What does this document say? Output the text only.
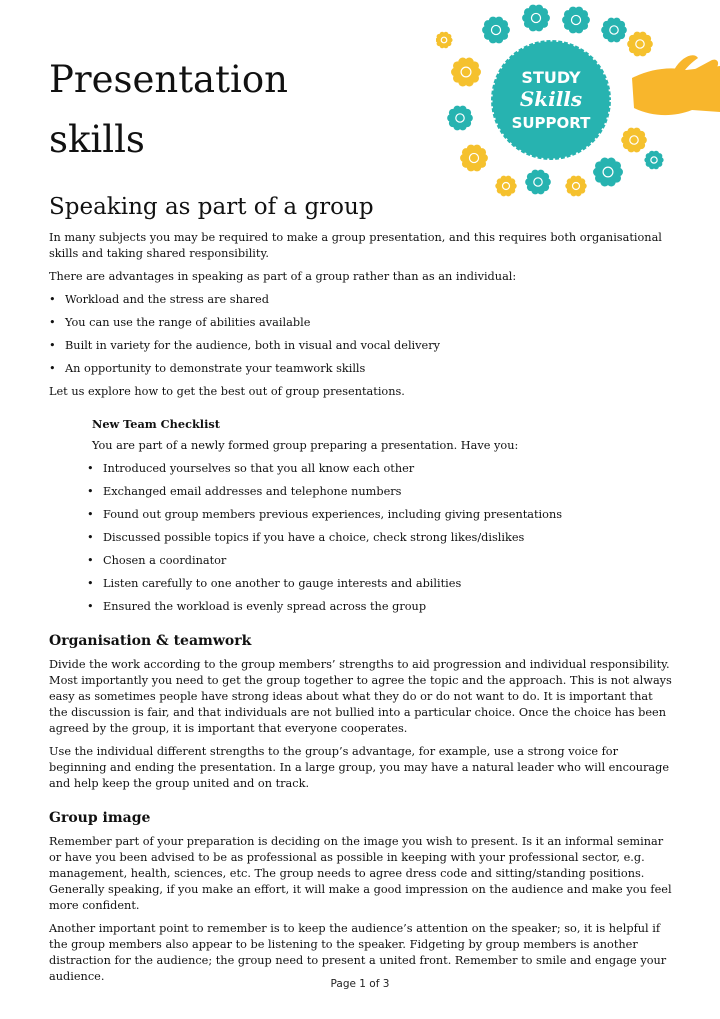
Presentation
skills
STUDY
Skills
SUPPORT
Speaking as part of a group

In many subjects you may be required to make a group presentation, and this requires both organisational skills and taking shared responsibility.

There are advantages in speaking as part of a group rather than as an individual:

• Workload and the stress are shared
• You can use the range of abilities available
• Built in variety for the audience, both in visual and vocal delivery
• An opportunity to demonstrate your teamwork skills

Let us explore how to get the best out of group presentations.

New Team Checklist

You are part of a newly formed group preparing a presentation. Have you:

• Introduced yourselves so that you all know each other
• Exchanged email addresses and telephone numbers
• Found out group members previous experiences, including giving presentations
• Discussed possible topics if you have a choice, check strong likes/dislikes
• Chosen a coordinator
• Listen carefully to one another to gauge interests and abilities
• Ensured the workload is evenly spread across the group
Organisation & teamwork

Divide the work according to the group members’ strengths to aid progression and individual responsibility. Most importantly you need to get the group together to agree the topic and the approach. This is not always easy as sometimes people have strong ideas about what they do or do not want to do. It is important that the discussion is fair, and that individuals are not bullied into a particular choice. Once the choice has been agreed by the group, it is important that everyone cooperates.

Use the individual different strengths to the group’s advantage, for example, use a strong voice for beginning and ending the presentation. In a large group, you may have a natural leader who will encourage and help keep the group united and on track.

Group image

Remember part of your preparation is deciding on the image you wish to present. Is it an informal seminar or have you been advised to be as professional as possible in keeping with your professional sector, e.g. management, health, sciences, etc. The group needs to agree dress code and sitting/standing positions. Generally speaking, if you make an effort, it will make a good impression on the audience and make you feel more confident.

Another important point to remember is to keep the audience’s attention on the speaker; so, it is helpful if the group members also appear to be listening to the speaker. Fidgeting by group members is another distraction for the audience; the group need to present a united front. Remember to smile and engage your audience.

Page 1 of 3
